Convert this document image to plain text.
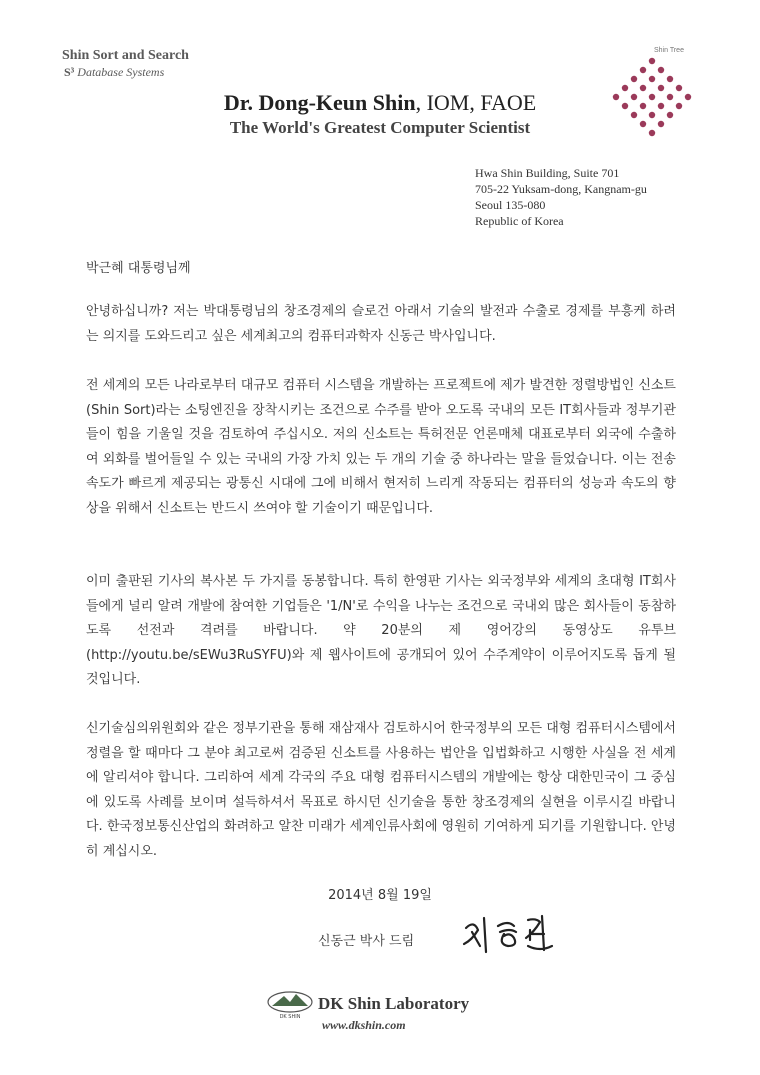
Shin Sort and Search
S³ Database Systems
Dr. Dong-Keun Shin, IOM, FAOE
The World's Greatest Computer Scientist
Shin Tree
Hwa Shin Building, Suite 701
705-22 Yuksam-dong, Kangnam-gu
Seoul 135-080
Republic of Korea
박근혜 대통령님께
안녕하십니까? 저는 박대통령님의 창조경제의 슬로건 아래서 기술의 발전과 수출로 경제를 부흥케 하려는 의지를 도와드리고 싶은 세계최고의 컴퓨터과학자 신동근 박사입니다.
전 세계의 모든 나라로부터 대규모 컴퓨터 시스템을 개발하는 프로젝트에 제가 발견한 정렬방법인 신소트(Shin Sort)라는 소팅엔진을 장착시키는 조건으로 수주를 받아 오도록 국내의 모든 IT회사들과 정부기관들이 힘을 기울일 것을 검토하여 주십시오. 저의 신소트는 특허전문 언론매체 대표로부터 외국에 수출하여 외화를 벌어들일 수 있는 국내의 가장 가치 있는 두 개의 기술 중 하나라는 말을 들었습니다. 이는 전송속도가 빠르게 제공되는 광통신 시대에 그에 비해서 현저히 느리게 작동되는 컴퓨터의 성능과 속도의 향상을 위해서 신소트는 반드시 쓰여야 할 기술이기 때문입니다.
이미 출판된 기사의 복사본 두 가지를 동봉합니다. 특히 한영판 기사는 외국정부와 세계의 초대형 IT회사들에게 널리 알려 개발에 참여한 기업들은 '1/N'로 수익을 나누는 조건으로 국내외 많은 회사들이 동참하도록 선전과 격려를 바랍니다. 약 20분의 제 영어강의 동영상도 유투브(http://youtu.be/sEWu3RuSYFU)와 제 웹사이트에 공개되어 있어 수주계약이 이루어지도록 돕게 될 것입니다.
신기술심의위원회와 같은 정부기관을 통해 재삼재사 검토하시어 한국정부의 모든 대형 컴퓨터시스템에서 정렬을 할 때마다 그 분야 최고로써 검증된 신소트를 사용하는 법안을 입법화하고 시행한 사실을 전 세계에 알리셔야 합니다. 그리하여 세계 각국의 주요 대형 컴퓨터시스템의 개발에는 항상 대한민국이 그 중심에 있도록 사례를 보이며 설득하셔서 목표로 하시던 신기술을 통한 창조경제의 실현을 이루시길 바랍니다. 한국정보통신산업의 화려하고 알찬 미래가 세계인류사회에 영원히 기여하게 되기를 기원합니다. 안녕히 계십시오.
2014년 8월 19일
신동근 박사 드림
DK SHIN
DK Shin Laboratory
www.dkshin.com
